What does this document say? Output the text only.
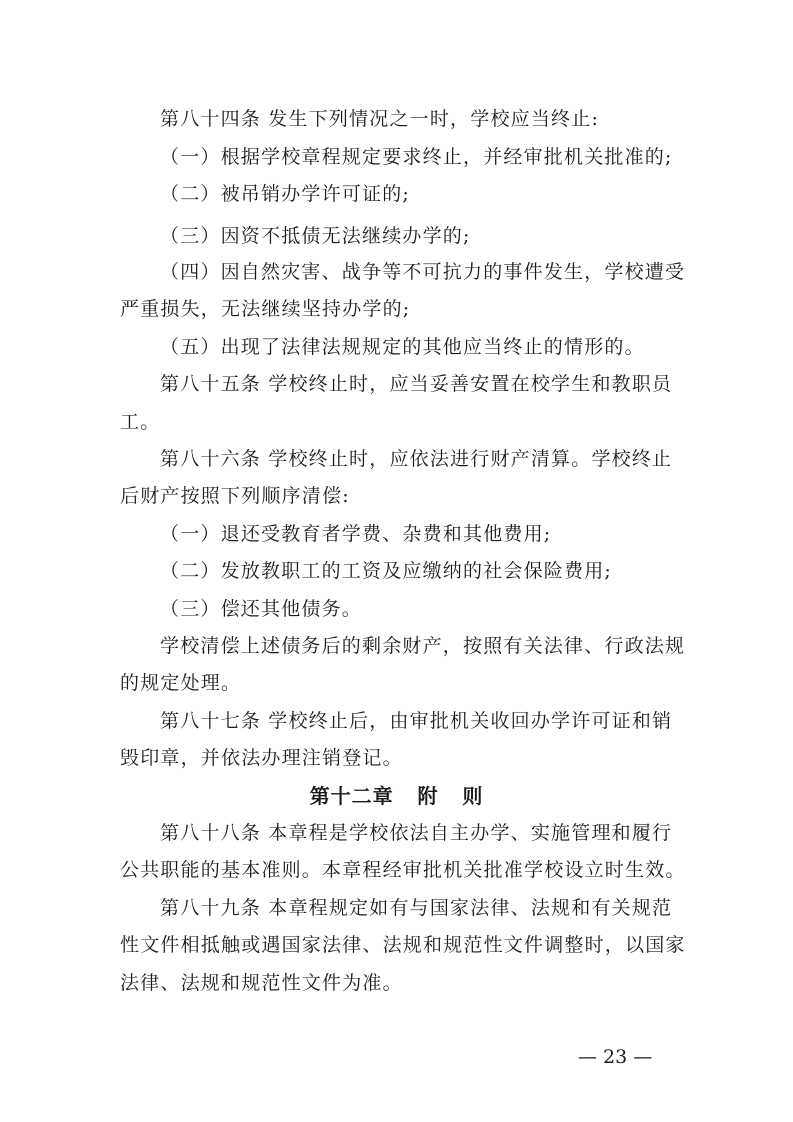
第八十四条 发生下列情况之一时，学校应当终止:
（一）根据学校章程规定要求终止，并经审批机关批准的;
（二）被吊销办学许可证的;
（三）因资不抵债无法继续办学的;
（四）因自然灾害、战争等不可抗力的事件发生，学校遭受
严重损失，无法继续坚持办学的;
（五）出现了法律法规规定的其他应当终止的情形的。
第八十五条 学校终止时，应当妥善安置在校学生和教职员
工。
第八十六条 学校终止时，应依法进行财产清算。学校终止
后财产按照下列顺序清偿:
（一）退还受教育者学费、杂费和其他费用;
（二）发放教职工的工资及应缴纳的社会保险费用;
（三）偿还其他债务。
学校清偿上述债务后的剩余财产，按照有关法律、行政法规
的规定处理。
第八十七条 学校终止后，由审批机关收回办学许可证和销
毁印章，并依法办理注销登记。
第十二章   附   则
第八十八条 本章程是学校依法自主办学、实施管理和履行
公共职能的基本准则。本章程经审批机关批准学校设立时生效。
第八十九条 本章程规定如有与国家法律、法规和有关规范
性文件相抵触或遇国家法律、法规和规范性文件调整时，以国家
法律、法规和规范性文件为准。
— 23 —
